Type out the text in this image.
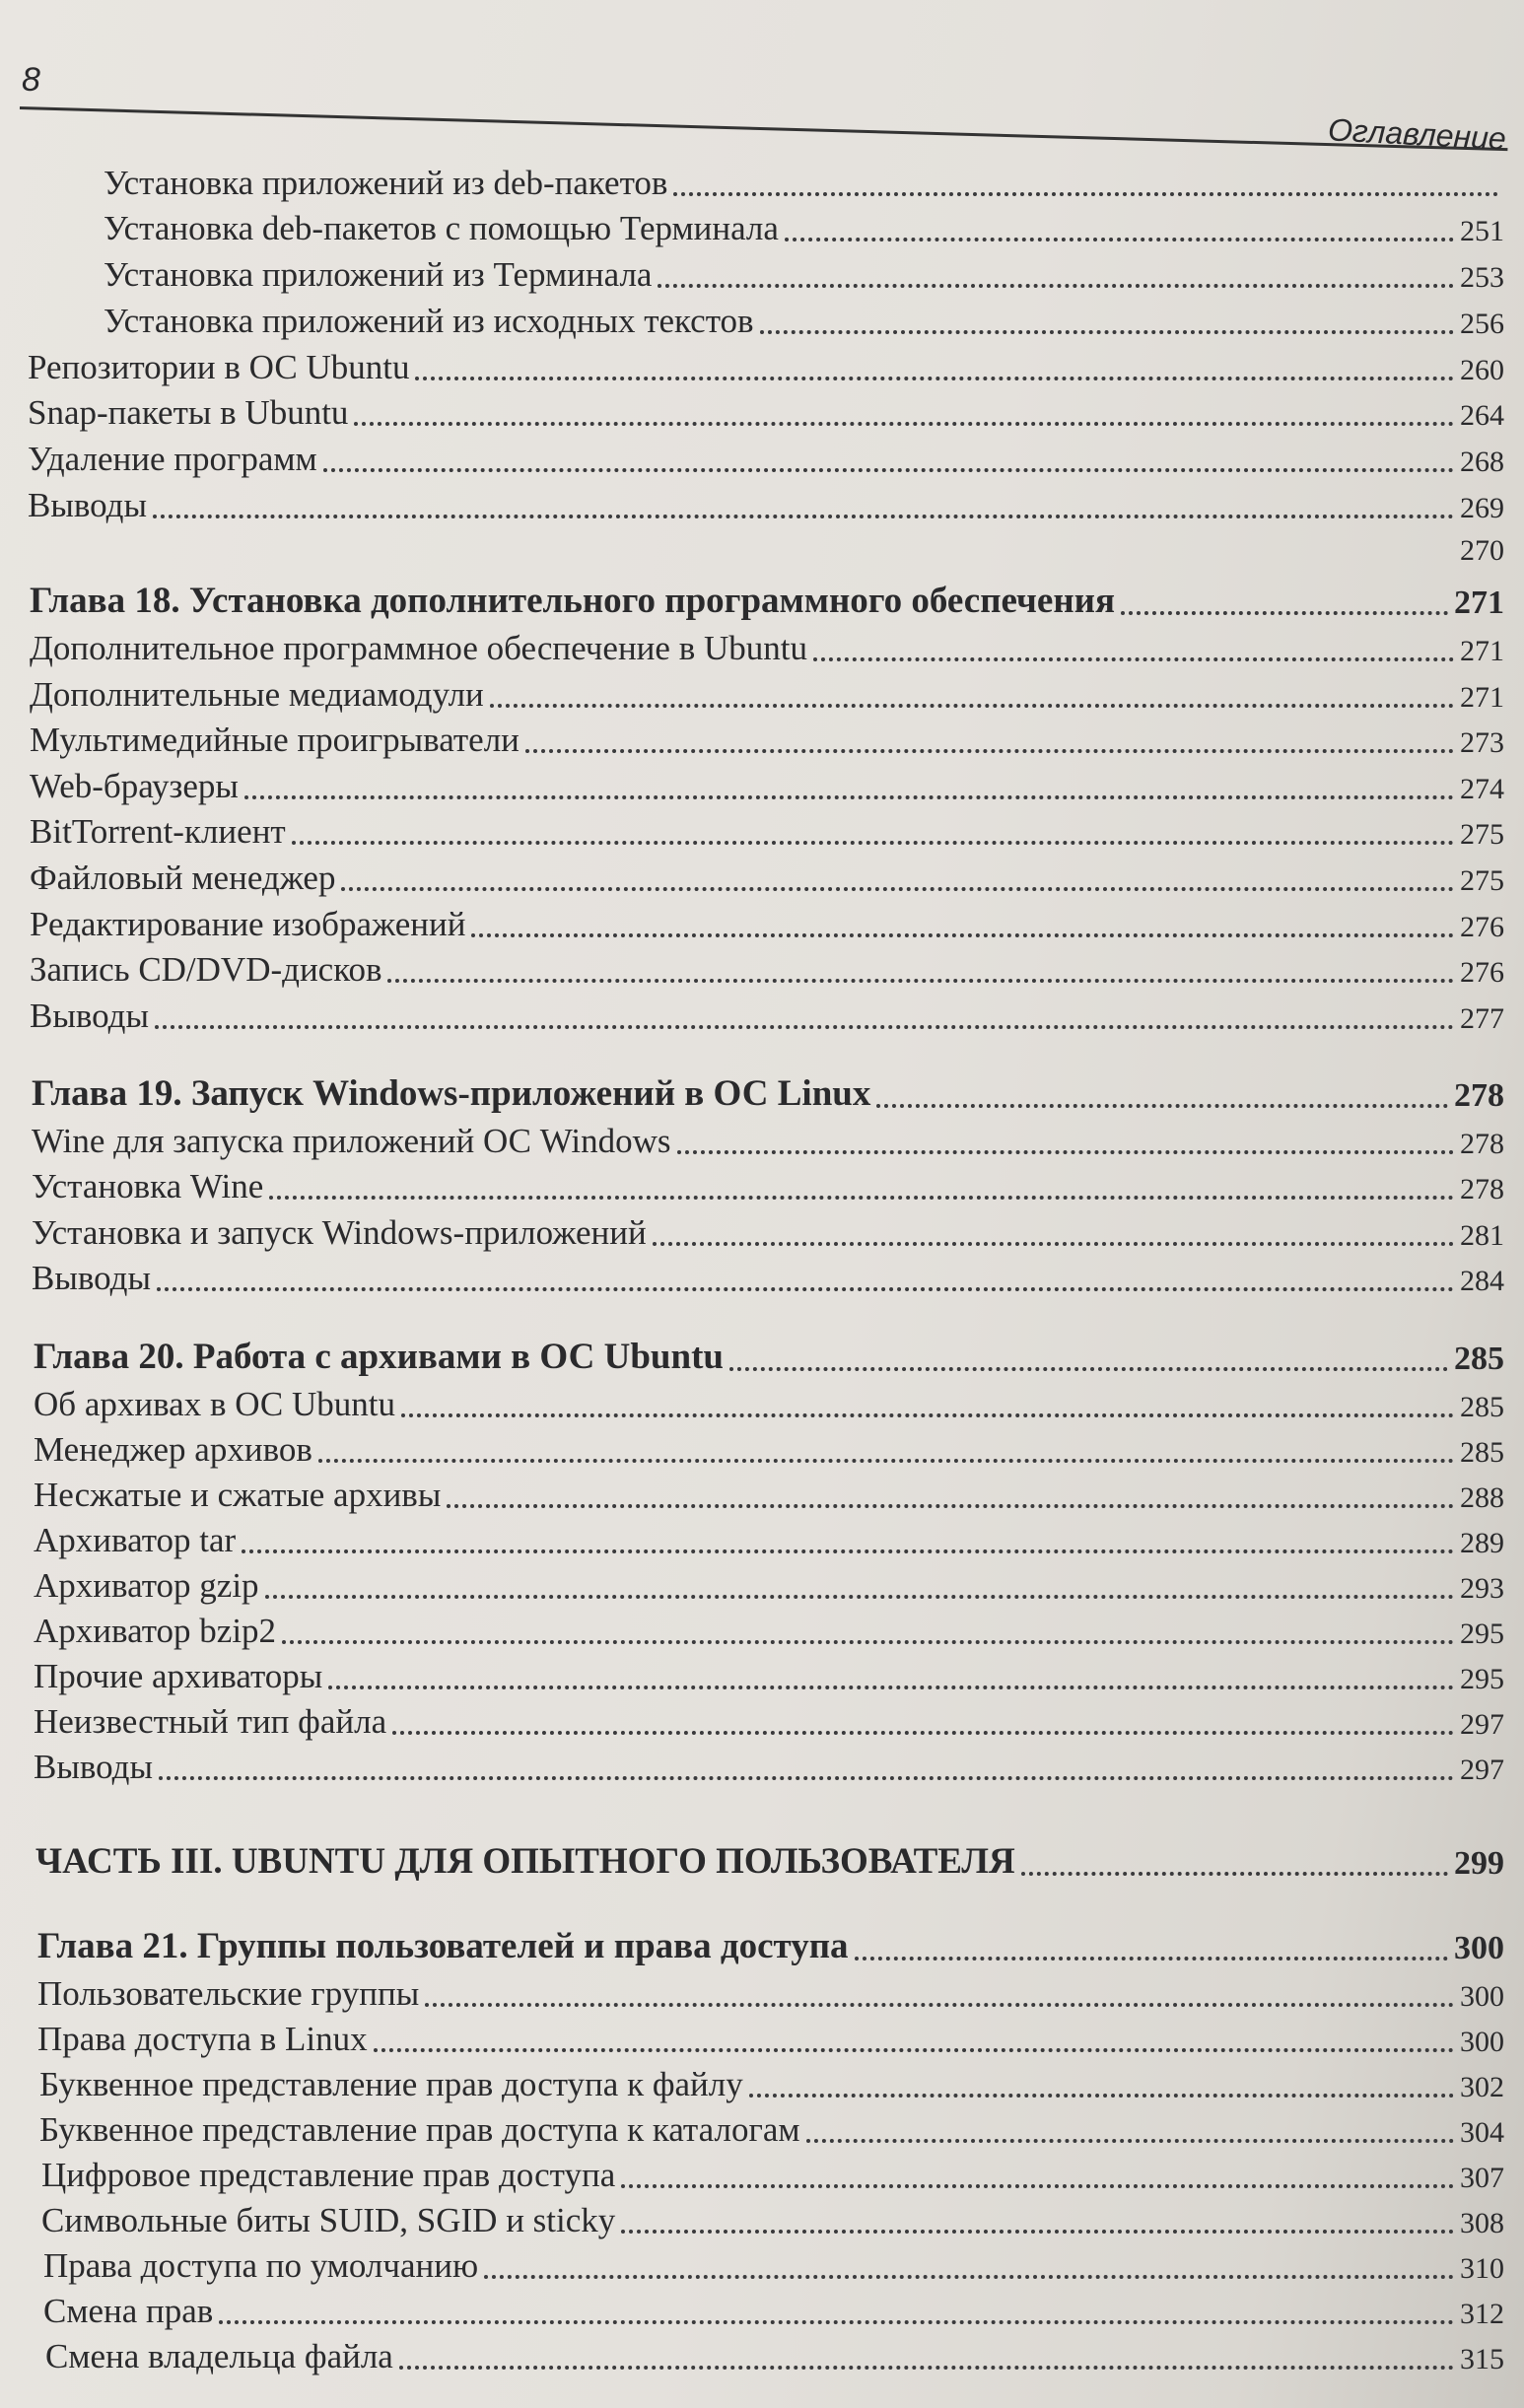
8
Оглавление
Установка приложений из deb-пакетов
Установка deb-пакетов с помощью Терминала	251
Установка приложений из Терминала	253
Установка приложений из исходных текстов	256
Репозитории в ОС Ubuntu	260
Snap-пакеты в Ubuntu	264
Удаление программ	268
Выводы	269
270
Глава 18. Установка дополнительного программного обеспечения	271
Дополнительное программное обеспечение в Ubuntu	271
Дополнительные медиамодули	271
Мультимедийные проигрыватели	273
Web-браузеры	274
BitTorrent-клиент	275
Файловый менеджер	275
Редактирование изображений	276
Запись CD/DVD-дисков	276
Выводы	277
Глава 19. Запуск Windows-приложений в ОС Linux	278
Wine для запуска приложений ОС Windows	278
Установка Wine	278
Установка и запуск Windows-приложений	281
Выводы	284
Глава 20. Работа с архивами в ОС Ubuntu	285
Об архивах в ОС Ubuntu	285
Менеджер архивов	285
Несжатые и сжатые архивы	288
Архиватор tar	289
Архиватор gzip	293
Архиватор bzip2	295
Прочие архиваторы	295
Неизвестный тип файла	297
Выводы	297
ЧАСТЬ III. UBUNTU ДЛЯ ОПЫТНОГО ПОЛЬЗОВАТЕЛЯ	299
Глава 21. Группы пользователей и права доступа	300
Пользовательские группы	300
Права доступа в Linux	300
Буквенное представление прав доступа к файлу	302
Буквенное представление прав доступа к каталогам	304
Цифровое представление прав доступа	307
Символьные биты SUID, SGID и sticky	308
Права доступа по умолчанию	310
Смена прав	312
Смена владельца файла	315
